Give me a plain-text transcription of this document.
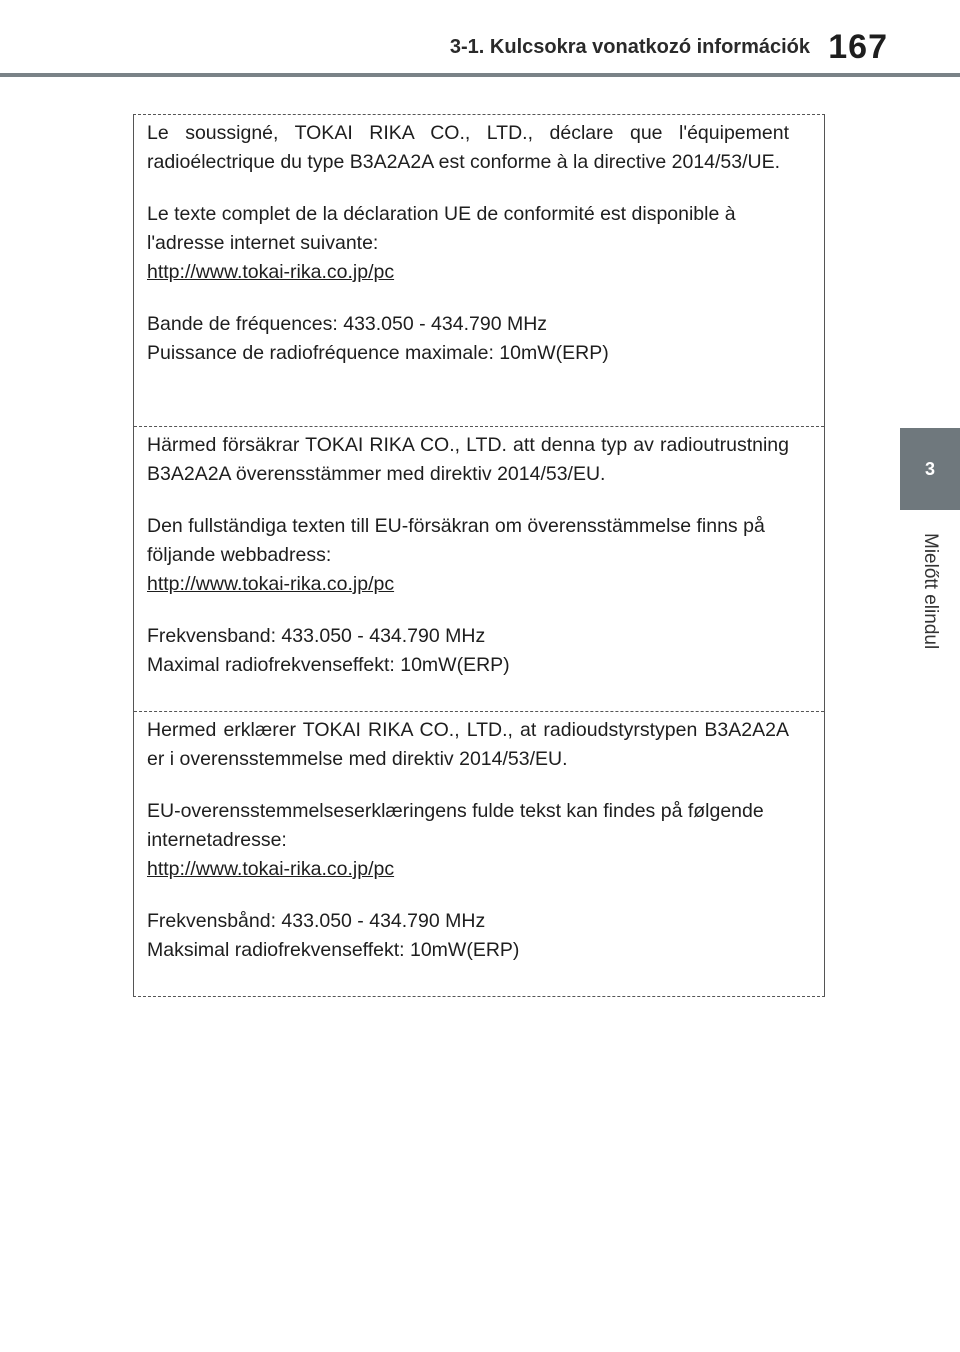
3-1. Kulcsokra vonatkozó információk 167
3
Mielőtt elindul

Le soussigné, TOKAI RIKA CO., LTD., déclare que l'équipement radioélectrique du type B3A2A2A est conforme à la directive 2014/53/UE.

Le texte complet de la déclaration UE de conformité est disponible à l'adresse internet suivante:

http://www.tokai-rika.co.jp/pc

Bande de fréquences: 433.050 - 434.790 MHz

Puissance de radiofréquence maximale: 10mW(ERP)

Härmed försäkrar TOKAI RIKA CO., LTD. att denna typ av radioutrustning B3A2A2A överensstämmer med direktiv 2014/53/EU.

Den fullständiga texten till EU-försäkran om överensstämmelse finns på följande webbadress:

http://www.tokai-rika.co.jp/pc

Frekvensband: 433.050 - 434.790 MHz

Maximal radiofrekvenseffekt: 10mW(ERP)

Hermed erklærer TOKAI RIKA CO., LTD., at radioudstyrstypen B3A2A2A er i overensstemmelse med direktiv 2014/53/EU.

EU-overensstemmelseserklæringens fulde tekst kan findes på følgende internetadresse:

http://www.tokai-rika.co.jp/pc

Frekvensbånd: 433.050 - 434.790 MHz

Maksimal radiofrekvenseffekt: 10mW(ERP)
